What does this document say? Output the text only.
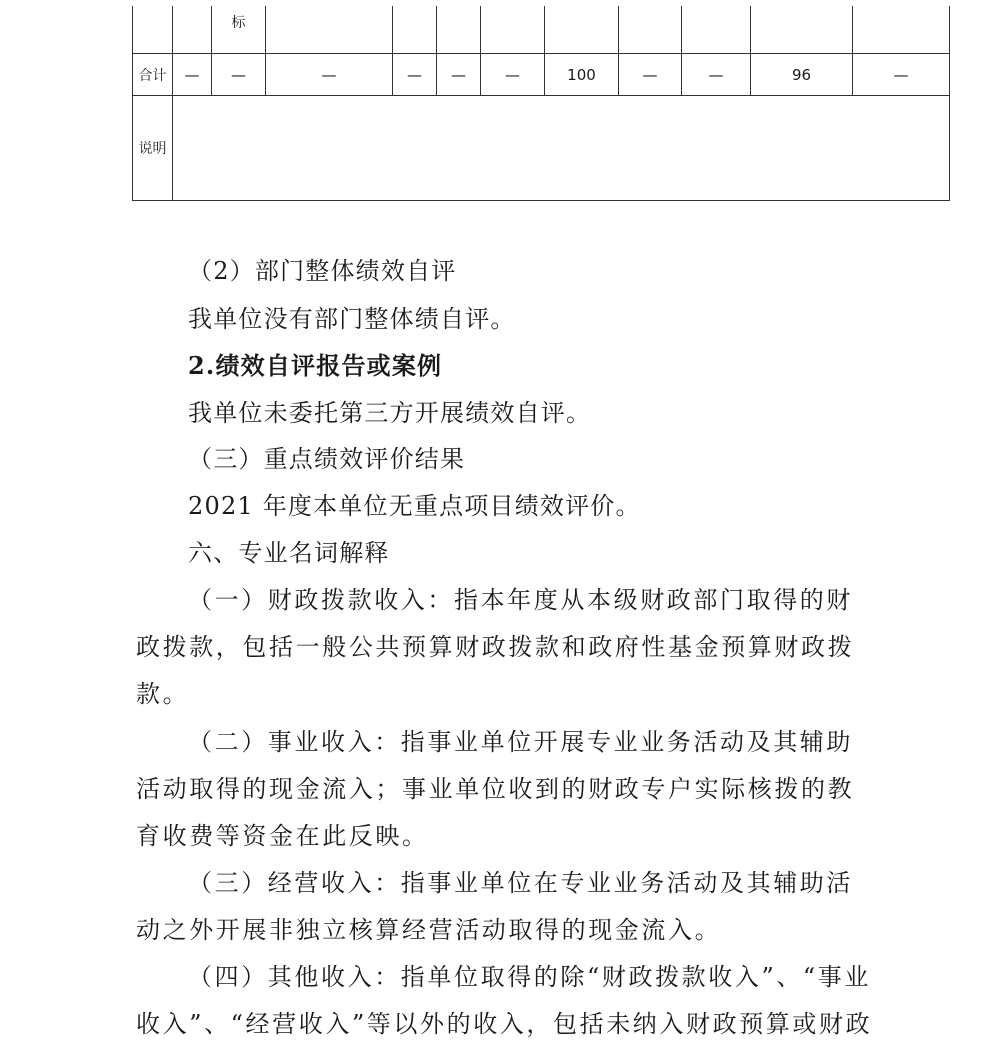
		标									
合计	—	—	—	—	—	—	100	—	—	96	—
说明											
（2）部门整体绩效自评
我单位没有部门整体绩自评。
2.绩效自评报告或案例
我单位未委托第三方开展绩效自评。
（三）重点绩效评价结果
2021 年度本单位无重点项目绩效评价。
六、专业名词解释
（一）财政拨款收入：指本年度从本级财政部门取得的财
政拨款，包括一般公共预算财政拨款和政府性基金预算财政拨
款。
（二）事业收入：指事业单位开展专业业务活动及其辅助
活动取得的现金流入；事业单位收到的财政专户实际核拨的教
育收费等资金在此反映。
（三）经营收入：指事业单位在专业业务活动及其辅助活
动之外开展非独立核算经营活动取得的现金流入。
（四）其他收入：指单位取得的除“财政拨款收入”、“事业
收入”、“经营收入”等以外的收入，包括未纳入财政预算或财政
